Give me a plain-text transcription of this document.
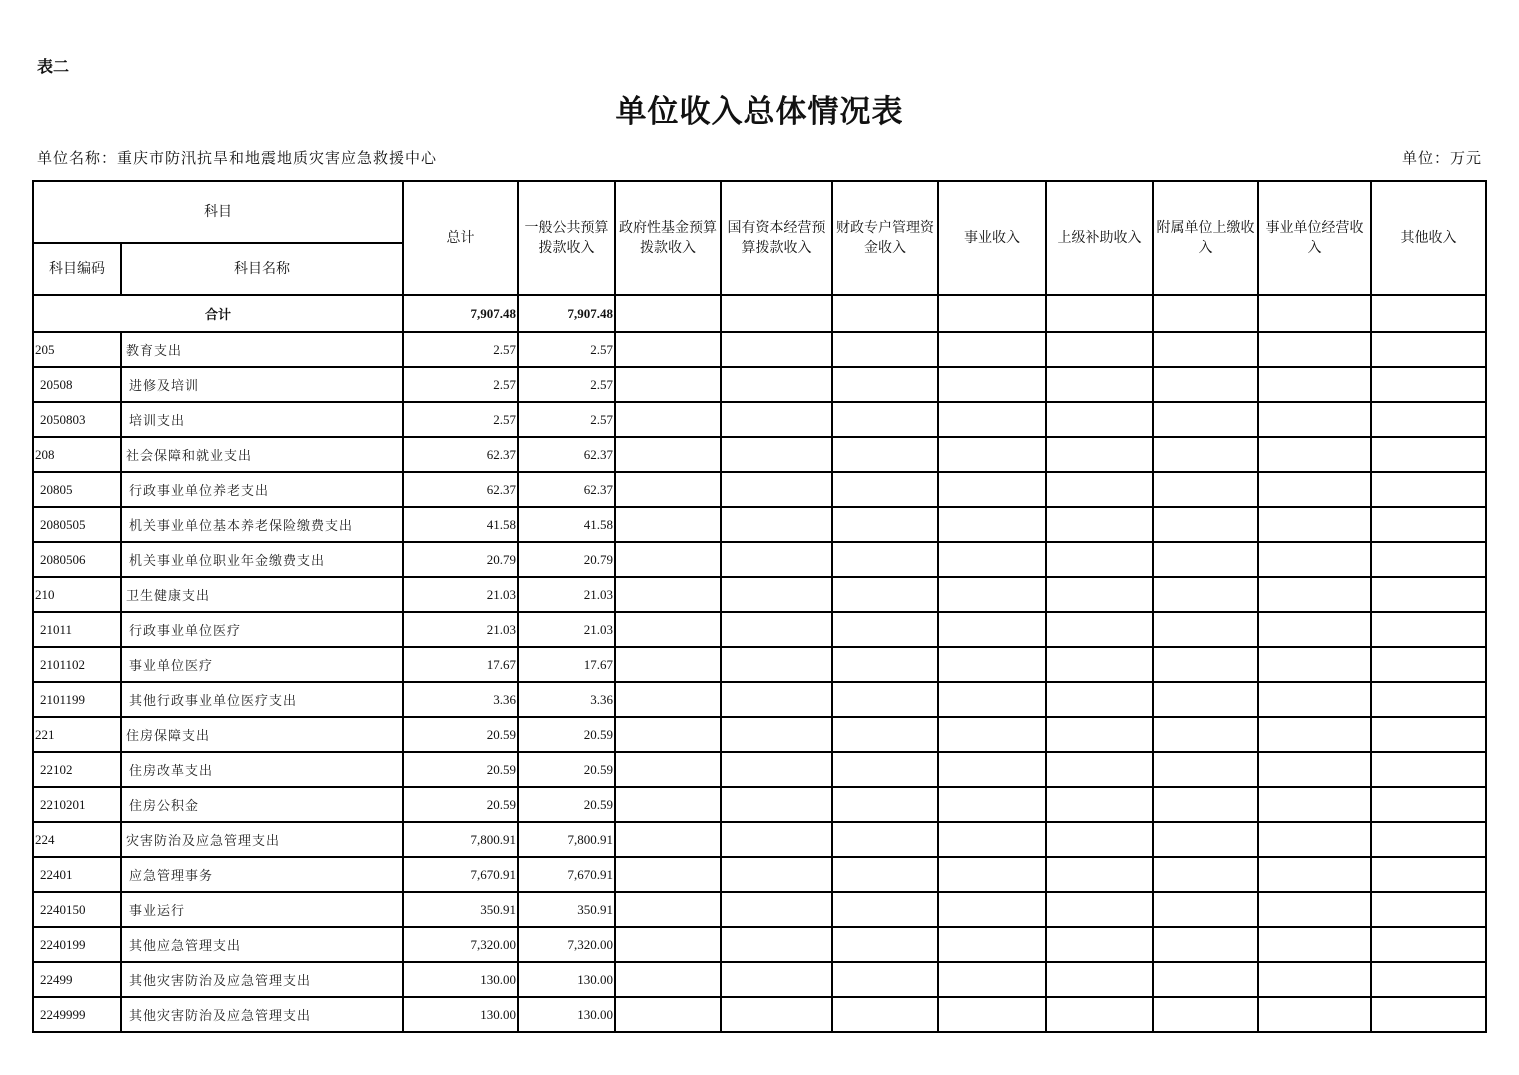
表二
单位收入总体情况表
单位名称：重庆市防汛抗旱和地震地质灾害应急救援中心	单位：万元
科目		总计	一般公共预算拨款收入	政府性基金预算拨款收入	国有资本经营预算拨款收入	财政专户管理资金收入	事业收入	上级补助收入	附属单位上缴收入	事业单位经营收入	其他收入
科目编码	科目名称										
合计		7,907.48	7,907.48								
205	教育支出	2.57	2.57								
20508	进修及培训	2.57	2.57								
2050803	培训支出	2.57	2.57								
208	社会保障和就业支出	62.37	62.37								
20805	行政事业单位养老支出	62.37	62.37								
2080505	机关事业单位基本养老保险缴费支出	41.58	41.58								
2080506	机关事业单位职业年金缴费支出	20.79	20.79								
210	卫生健康支出	21.03	21.03								
21011	行政事业单位医疗	21.03	21.03								
2101102	事业单位医疗	17.67	17.67								
2101199	其他行政事业单位医疗支出	3.36	3.36								
221	住房保障支出	20.59	20.59								
22102	住房改革支出	20.59	20.59								
2210201	住房公积金	20.59	20.59								
224	灾害防治及应急管理支出	7,800.91	7,800.91								
22401	应急管理事务	7,670.91	7,670.91								
2240150	事业运行	350.91	350.91								
2240199	其他应急管理支出	7,320.00	7,320.00								
22499	其他灾害防治及应急管理支出	130.00	130.00								
2249999	其他灾害防治及应急管理支出	130.00	130.00								
